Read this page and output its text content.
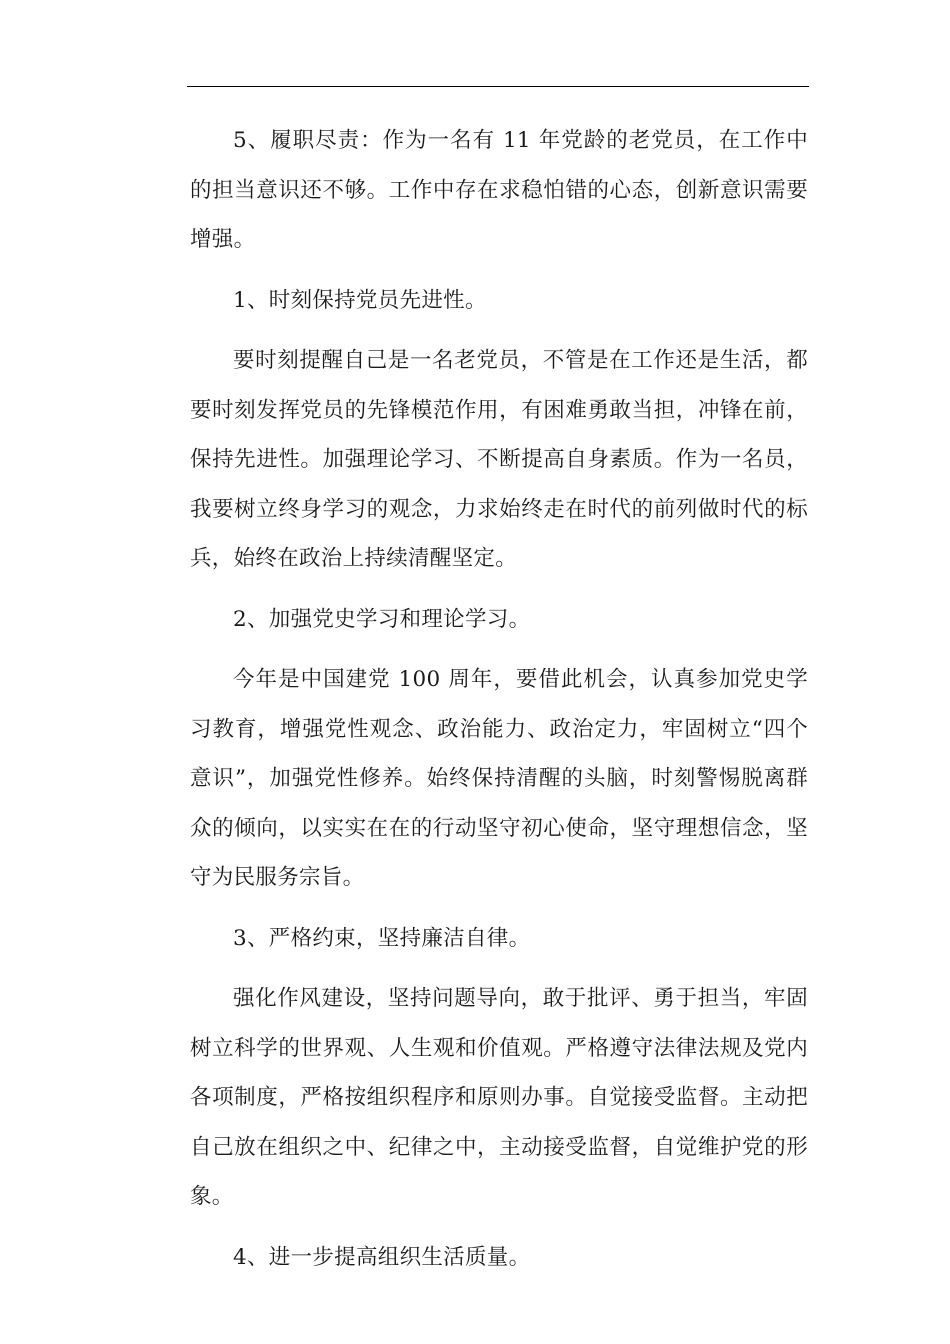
5、履职尽责：作为一名有 11 年党龄的老党员，在工作中的担当意识还不够。工作中存在求稳怕错的心态，创新意识需要增强。

1、时刻保持党员先进性。

要时刻提醒自己是一名老党员，不管是在工作还是生活，都要时刻发挥党员的先锋模范作用，有困难勇敢当担，冲锋在前，保持先进性。加强理论学习、不断提高自身素质。作为一名员，我要树立终身学习的观念，力求始终走在时代的前列做时代的标兵，始终在政治上持续清醒坚定。

2、加强党史学习和理论学习。

今年是中国建党 100 周年，要借此机会，认真参加党史学习教育，增强党性观念、政治能力、政治定力，牢固树立“四个意识”，加强党性修养。始终保持清醒的头脑，时刻警惕脱离群众的倾向，以实实在在的行动坚守初心使命，坚守理想信念，坚守为民服务宗旨。

3、严格约束，坚持廉洁自律。

强化作风建设，坚持问题导向，敢于批评、勇于担当，牢固树立科学的世界观、人生观和价值观。严格遵守法律法规及党内各项制度，严格按组织程序和原则办事。自觉接受监督。主动把自己放在组织之中、纪律之中，主动接受监督，自觉维护党的形象。

4、进一步提高组织生活质量。
